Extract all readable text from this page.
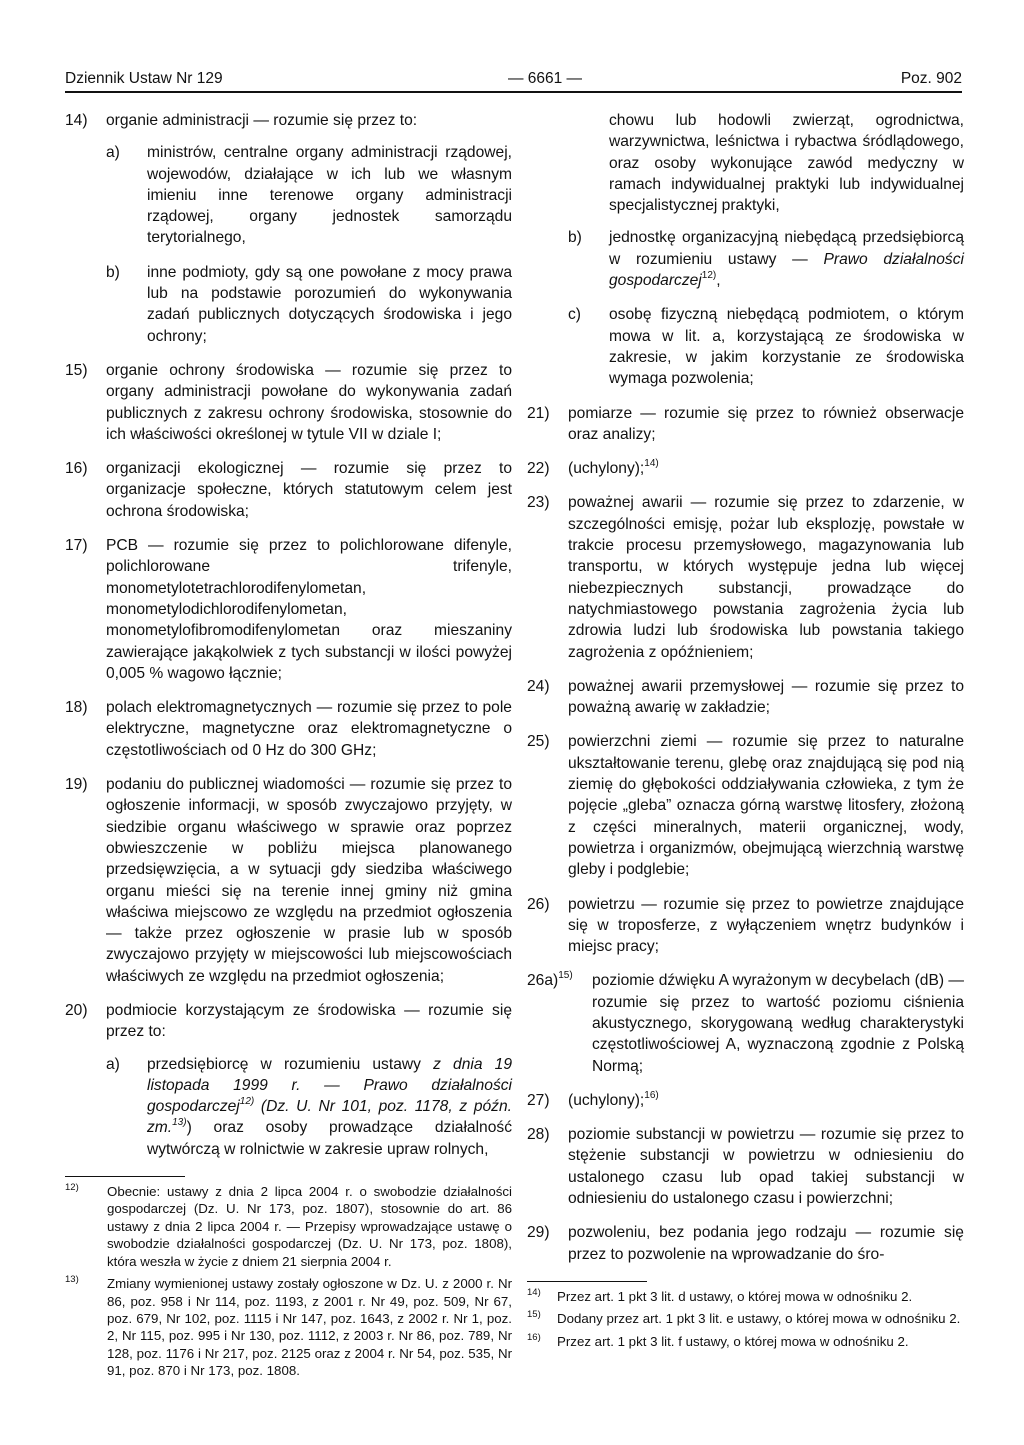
Dziennik Ustaw Nr 129	— 6661 —	Poz. 902
14) organie administracji — rozumie się przez to:
a) ministrów, centralne organy administracji rządowej, wojewodów, działające w ich lub we własnym imieniu inne terenowe organy administracji rządowej, organy jednostek samorządu terytorialnego,
b) inne podmioty, gdy są one powołane z mocy prawa lub na podstawie porozumień do wykonywania zadań publicznych dotyczących środowiska i jego ochrony;
15) organie ochrony środowiska — rozumie się przez to organy administracji powołane do wykonywania zadań publicznych z zakresu ochrony środowiska, stosownie do ich właściwości określonej w tytule VII w dziale I;
16) organizacji ekologicznej — rozumie się przez to organizacje społeczne, których statutowym celem jest ochrona środowiska;
17) PCB — rozumie się przez to polichlorowane difenyle, polichlorowane trifenyle, monometylotetrachlorodifenylometan, monometylodichlorodifenylometan, monometylofibromodifenylometan oraz mieszaniny zawierające jakąkolwiek z tych substancji w ilości powyżej 0,005 % wagowo łącznie;
18) polach elektromagnetycznych — rozumie się przez to pole elektryczne, magnetyczne oraz elektromagnetyczne o częstotliwościach od 0 Hz do 300 GHz;
19) podaniu do publicznej wiadomości — rozumie się przez to ogłoszenie informacji, w sposób zwyczajowo przyjęty, w siedzibie organu właściwego w sprawie oraz poprzez obwieszczenie w pobliżu miejsca planowanego przedsięwzięcia, a w sytuacji gdy siedziba właściwego organu mieści się na terenie innej gminy niż gmina właściwa miejscowo ze względu na przedmiot ogłoszenia — także przez ogłoszenie w prasie lub w sposób zwyczajowo przyjęty w miejscowości lub miejscowościach właściwych ze względu na przedmiot ogłoszenia;
20) podmiocie korzystającym ze środowiska — rozumie się przez to:
a) przedsiębiorcę w rozumieniu ustawy z dnia 19 listopada 1999 r. — Prawo działalności gospodarczej$^{12)}$ (Dz. U. Nr 101, poz. 1178, z późn. zm.$^{13)}$) oraz osoby prowadzące działalność wytwórczą w rolnictwie w zakresie upraw rolnych,
$^{12)}$ Obecnie: ustawy z dnia 2 lipca 2004 r. o swobodzie działalności gospodarczej (Dz. U. Nr 173, poz. 1807), stosownie do art. 86 ustawy z dnia 2 lipca 2004 r. — Przepisy wprowadzające ustawę o swobodzie działalności gospodarczej (Dz. U. Nr 173, poz. 1808), która weszła w życie z dniem 21 sierpnia 2004 r.
$^{13)}$ Zmiany wymienionej ustawy zostały ogłoszone w Dz. U. z 2000 r. Nr 86, poz. 958 i Nr 114, poz. 1193, z 2001 r. Nr 49, poz. 509, Nr 67, poz. 679, Nr 102, poz. 1115 i Nr 147, poz. 1643, z 2002 r. Nr 1, poz. 2, Nr 115, poz. 995 i Nr 130, poz. 1112, z 2003 r. Nr 86, poz. 789, Nr 128, poz. 1176 i Nr 217, poz. 2125 oraz z 2004 r. Nr 54, poz. 535, Nr 91, poz. 870 i Nr 173, poz. 1808.
chowu lub hodowli zwierząt, ogrodnictwa, warzywnictwa, leśnictwa i rybactwa śródlądowego, oraz osoby wykonujące zawód medyczny w ramach indywidualnej praktyki lub indywidualnej specjalistycznej praktyki,
b) jednostkę organizacyjną niebędącą przedsiębiorcą w rozumieniu ustawy — Prawo działalności gospodarczej$^{12)}$,
c) osobę fizyczną niebędącą podmiotem, o którym mowa w lit. a, korzystającą ze środowiska w zakresie, w jakim korzystanie ze środowiska wymaga pozwolenia;
21) pomiarze — rozumie się przez to również obserwacje oraz analizy;
22) (uchylony);$^{14)}$
23) poważnej awarii — rozumie się przez to zdarzenie, w szczególności emisję, pożar lub eksplozję, powstałe w trakcie procesu przemysłowego, magazynowania lub transportu, w których występuje jedna lub więcej niebezpiecznych substancji, prowadzące do natychmiastowego powstania zagrożenia życia lub zdrowia ludzi lub środowiska lub powstania takiego zagrożenia z opóźnieniem;
24) poważnej awarii przemysłowej — rozumie się przez to poważną awarię w zakładzie;
25) powierzchni ziemi — rozumie się przez to naturalne ukształtowanie terenu, glebę oraz znajdującą się pod nią ziemię do głębokości oddziaływania człowieka, z tym że pojęcie „gleba” oznacza górną warstwę litosfery, złożoną z części mineralnych, materii organicznej, wody, powietrza i organizmów, obejmującą wierzchnią warstwę gleby i podglebie;
26) powietrzu — rozumie się przez to powietrze znajdujące się w troposferze, z wyłączeniem wnętrz budynków i miejsc pracy;
26a)$^{15)}$ poziomie dźwięku A wyrażonym w decybelach (dB) — rozumie się przez to wartość poziomu ciśnienia akustycznego, skorygowaną według charakterystyki częstotliwościowej A, wyznaczoną zgodnie z Polską Normą;
27) (uchylony);$^{16)}$
28) poziomie substancji w powietrzu — rozumie się przez to stężenie substancji w powietrzu w odniesieniu do ustalonego czasu lub opad takiej substancji w odniesieniu do ustalonego czasu i powierzchni;
29) pozwoleniu, bez podania jego rodzaju — rozumie się przez to pozwolenie na wprowadzanie do śro-
$^{14)}$ Przez art. 1 pkt 3 lit. d ustawy, o której mowa w odnośniku 2.
$^{15)}$ Dodany przez art. 1 pkt 3 lit. e ustawy, o której mowa w odnośniku 2.
$^{16)}$ Przez art. 1 pkt 3 lit. f ustawy, o której mowa w odnośniku 2.
